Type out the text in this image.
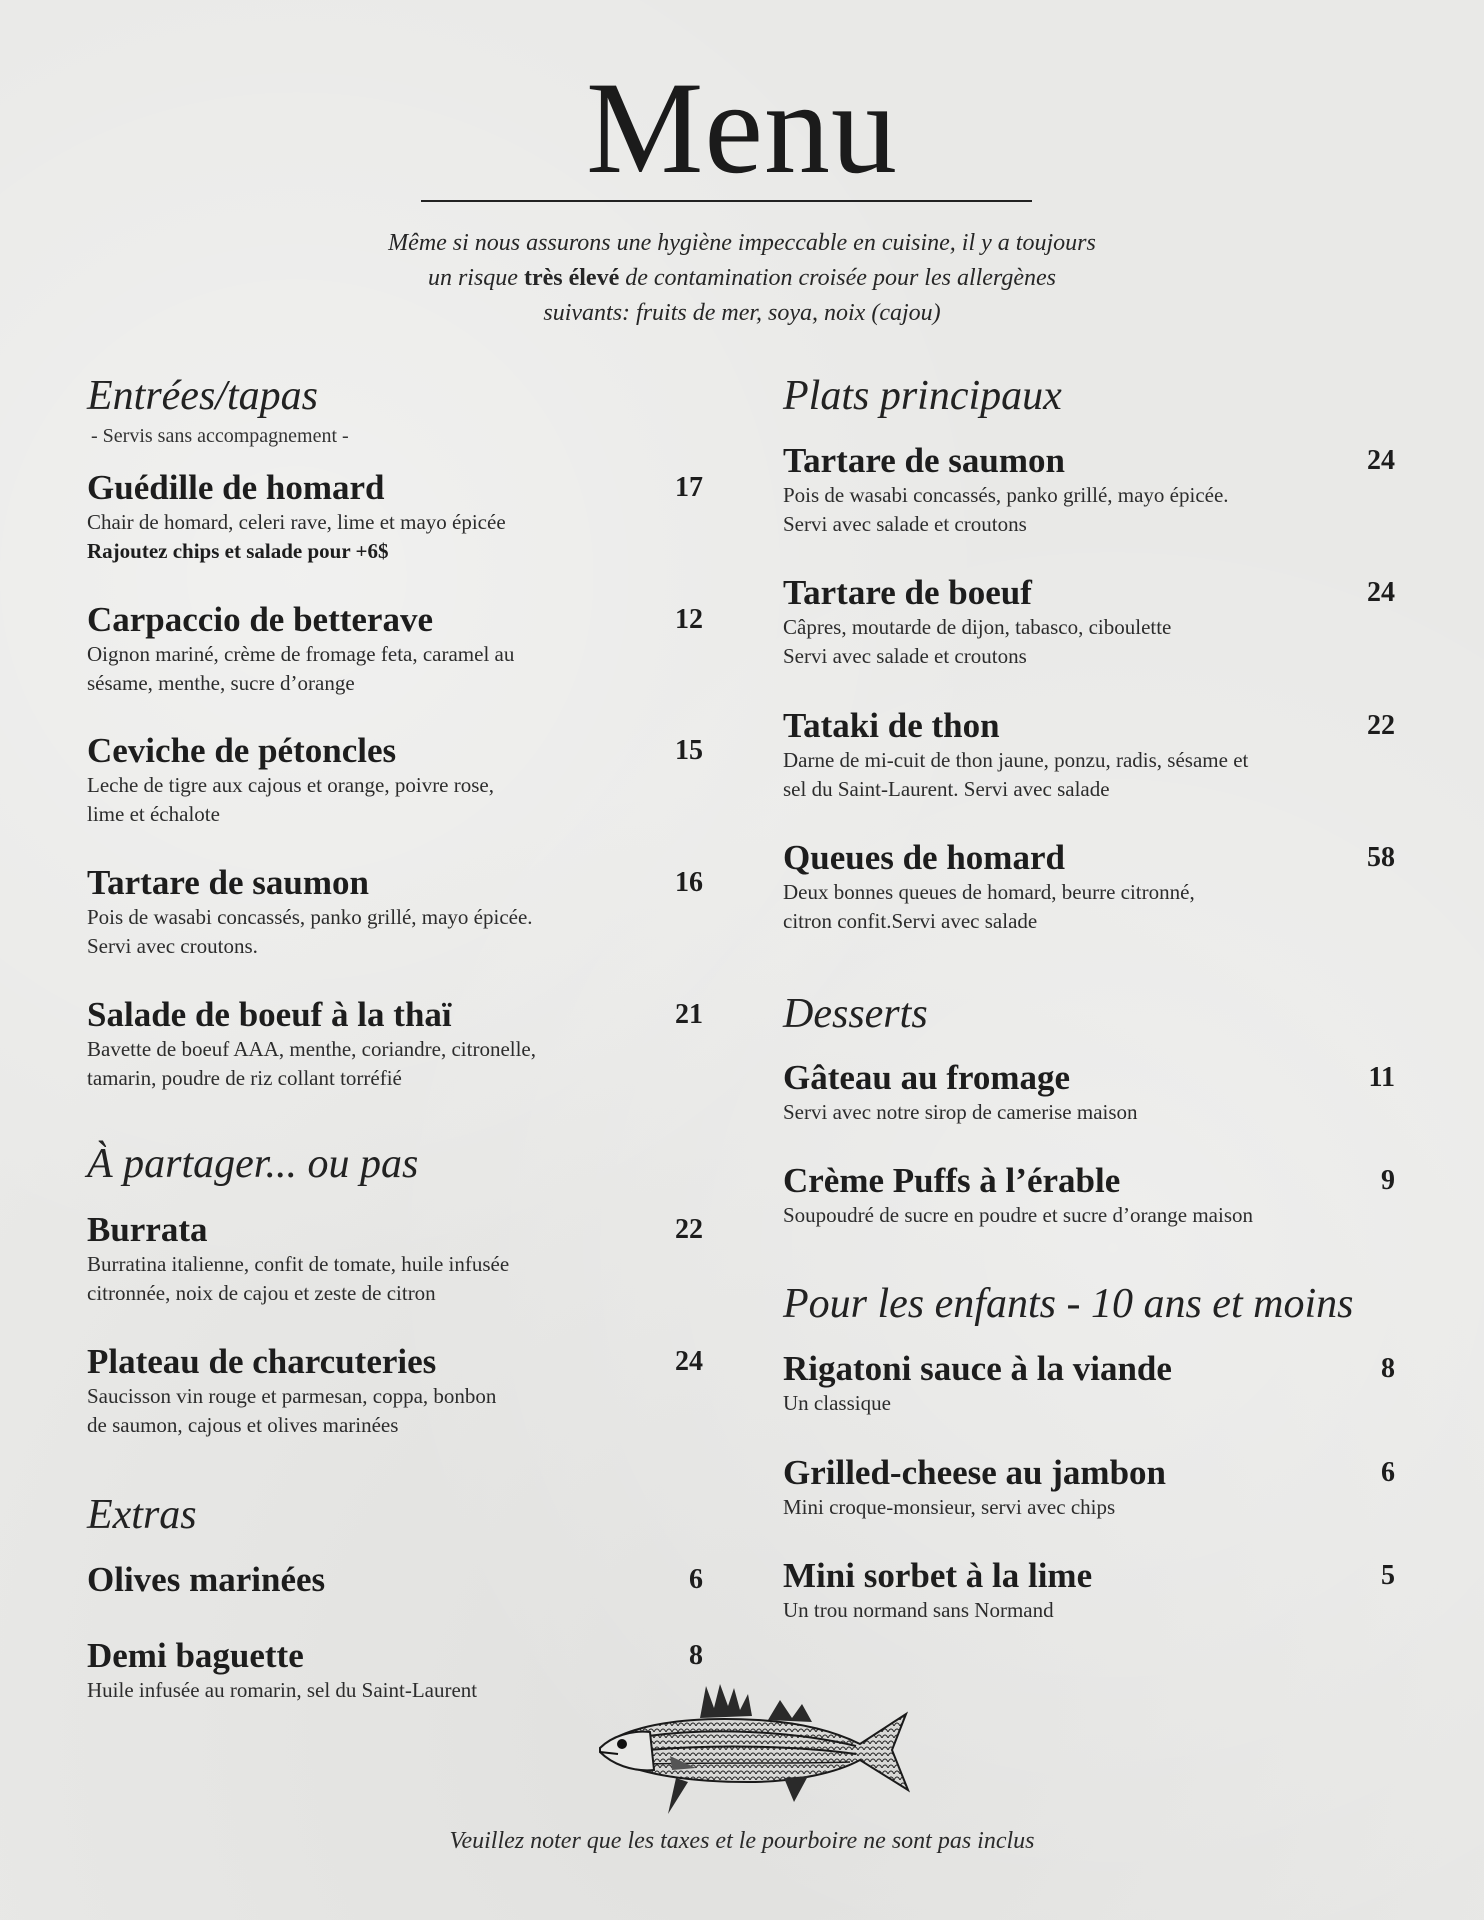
Menu
Même si nous assurons une hygiène impeccable en cuisine, il y a toujours
un risque très élevé de contamination croisée pour les allergènes
suivants: fruits de mer, soya, noix (cajou)
Entrées/tapas
- Servis sans accompagnement -
Guédille de homard	17
Chair de homard, celeri rave, lime et mayo épicée
Rajoutez chips et salade pour +6$
Carpaccio de betterave	12
Oignon mariné, crème de fromage feta, caramel au
sésame, menthe, sucre d’orange
Ceviche de pétoncles	15
Leche de tigre aux cajous et orange, poivre rose,
lime et échalote
Tartare de saumon	16
Pois de wasabi concassés, panko grillé, mayo épicée.
Servi avec croutons.
Salade de boeuf à la thaï	21
Bavette de boeuf AAA, menthe, coriandre, citronelle,
tamarin, poudre de riz collant torréfié
À partager... ou pas
Burrata	22
Burratina italienne, confit de tomate, huile infusée
citronnée, noix de cajou et zeste de citron
Plateau de charcuteries	24
Saucisson vin rouge et parmesan, coppa, bonbon
de saumon, cajous et olives marinées
Extras
Olives marinées	6
Demi baguette	8
Huile infusée au romarin, sel du Saint-Laurent
Plats principaux
Tartare de saumon	24
Pois de wasabi concassés, panko grillé, mayo épicée.
Servi avec salade et croutons
Tartare de boeuf	24
Câpres, moutarde de dijon, tabasco, ciboulette
Servi avec salade et croutons
Tataki de thon	22
Darne de mi-cuit de thon jaune, ponzu, radis, sésame et
sel du Saint-Laurent. Servi avec salade
Queues de homard	58
Deux bonnes queues de homard, beurre citronné,
citron confit.Servi avec salade
Desserts
Gâteau au fromage	11
Servi avec notre sirop de camerise maison
Crème Puffs à l’érable	9
Soupoudré de sucre en poudre et sucre d’orange maison
Pour les enfants - 10 ans et moins
Rigatoni sauce à la viande	8
Un classique
Grilled-cheese au jambon	6
Mini croque-monsieur, servi avec chips
Mini sorbet à la lime	5
Un trou normand sans Normand
Veuillez noter que les taxes et le pourboire ne sont pas inclus
